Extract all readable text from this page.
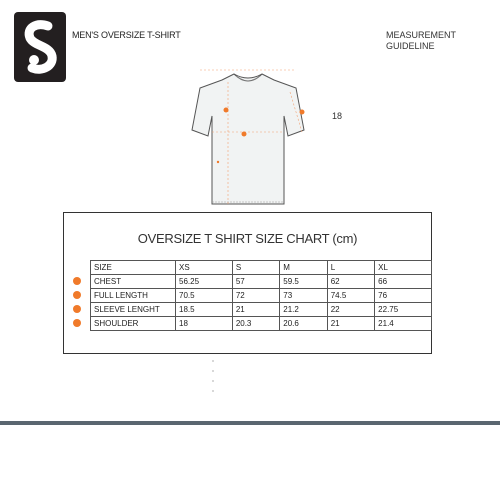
MEN'S OVERSIZE T-SHIRT	MEASUREMENT GUIDELINE
18
OVERSIZE T SHIRT SIZE CHART (cm)
	SIZE	XS	S	M	L	XL
	CHEST	56.25	57	59.5	62	66
	FULL LENGTH	70.5	72	73	74.5	76
	SLEEVE LENGHT	18.5	21	21.2	22	22.75
	SHOULDER	18	20.3	20.6	21	21.4
